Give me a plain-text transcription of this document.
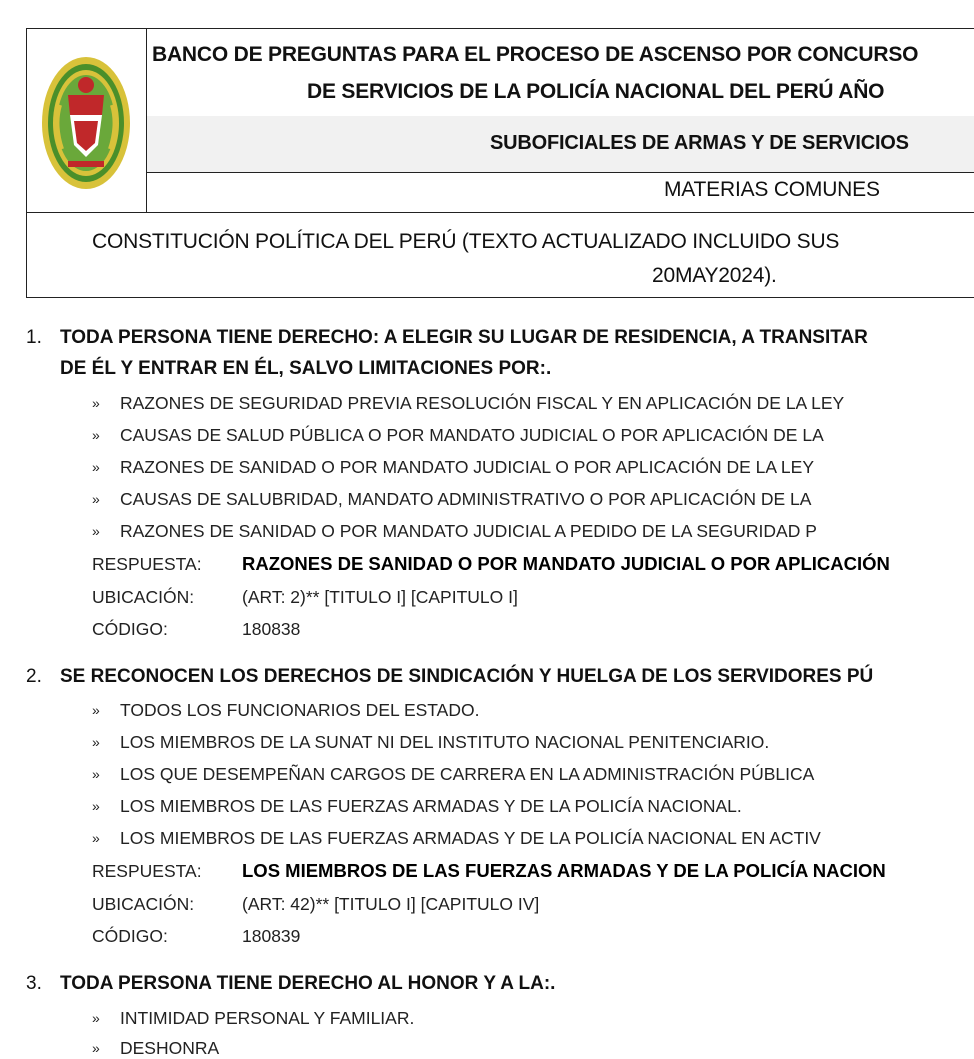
BANCO DE PREGUNTAS PARA EL PROCESO DE ASCENSO POR CONCURSO
DE SERVICIOS DE LA POLICÍA NACIONAL DEL PERÚ AÑO
SUBOFICIALES DE ARMAS Y DE SERVICIOS
MATERIAS COMUNES
CONSTITUCIÓN POLÍTICA DEL PERÚ (TEXTO ACTUALIZADO INCLUIDO SUS
20MAY2024).
1. TODA PERSONA TIENE DERECHO: A ELEGIR SU LUGAR DE RESIDENCIA, A TRANSITAR
DE ÉL Y ENTRAR EN ÉL, SALVO LIMITACIONES POR:.
» RAZONES DE SEGURIDAD PREVIA RESOLUCIÓN FISCAL Y EN APLICACIÓN DE LA LEY
» CAUSAS DE SALUD PÚBLICA O POR MANDATO JUDICIAL O POR APLICACIÓN DE LA
» RAZONES DE SANIDAD O POR MANDATO JUDICIAL O POR APLICACIÓN DE LA LEY
» CAUSAS DE SALUBRIDAD, MANDATO ADMINISTRATIVO O POR APLICACIÓN DE LA
» RAZONES DE SANIDAD O POR MANDATO JUDICIAL A PEDIDO DE LA SEGURIDAD P
RESPUESTA: RAZONES DE SANIDAD O POR MANDATO JUDICIAL O POR APLICACIÓN
UBICACIÓN:	(ART: 2)** [TITULO I] [CAPITULO I]
CÓDIGO:	180838
2. SE RECONOCEN LOS DERECHOS DE SINDICACIÓN Y HUELGA DE LOS SERVIDORES PÚ
» TODOS LOS FUNCIONARIOS DEL ESTADO.
» LOS MIEMBROS DE LA SUNAT NI DEL INSTITUTO NACIONAL PENITENCIARIO.
» LOS QUE DESEMPEÑAN CARGOS DE CARRERA EN LA ADMINISTRACIÓN PÚBLICA
» LOS MIEMBROS DE LAS FUERZAS ARMADAS Y DE LA POLICÍA NACIONAL.
» LOS MIEMBROS DE LAS FUERZAS ARMADAS Y DE LA POLICÍA NACIONAL EN ACTIV
RESPUESTA: LOS MIEMBROS DE LAS FUERZAS ARMADAS Y DE LA POLICÍA NACION
UBICACIÓN:	(ART: 42)** [TITULO I] [CAPITULO IV]
CÓDIGO:	180839
3. TODA PERSONA TIENE DERECHO AL HONOR Y A LA:.
» INTIMIDAD PERSONAL Y FAMILIAR.
» DESHONRA
